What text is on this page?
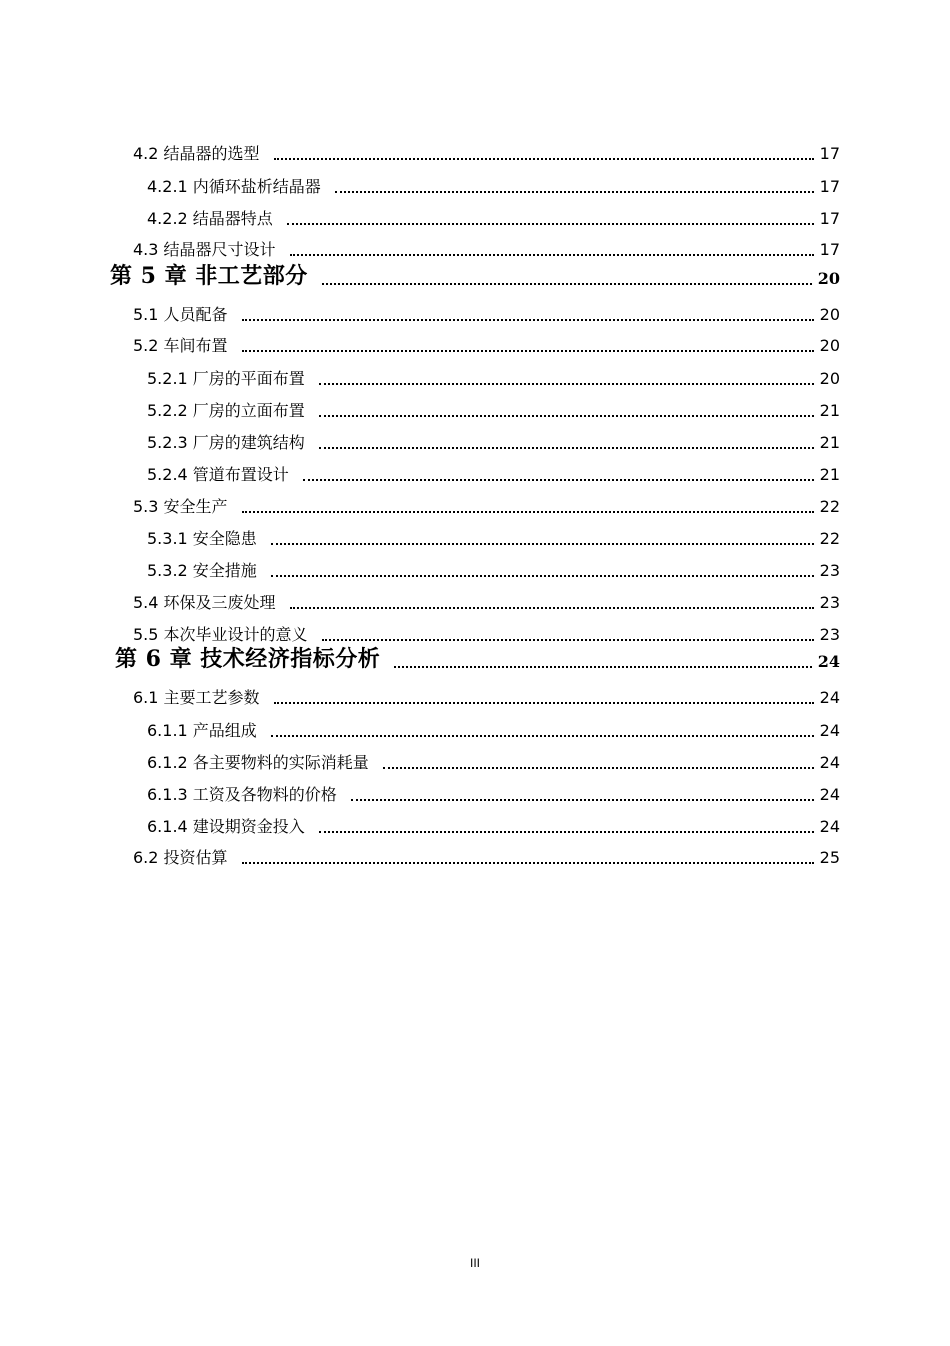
4.2 结晶器的选型	17
4.2.1 内循环盐析结晶器	17
4.2.2 结晶器特点	17
4.3 结晶器尺寸设计	17
第 5 章 非工艺部分	20
5.1 人员配备	20
5.2 车间布置	20
5.2.1 厂房的平面布置	20
5.2.2 厂房的立面布置	21
5.2.3 厂房的建筑结构	21
5.2.4 管道布置设计	21
5.3 安全生产	22
5.3.1 安全隐患	22
5.3.2 安全措施	23
5.4 环保及三废处理	23
5.5 本次毕业设计的意义	23
第 6 章 技术经济指标分析	24
6.1 主要工艺参数	24
6.1.1 产品组成	24
6.1.2 各主要物料的实际消耗量	24
6.1.3 工资及各物料的价格	24
6.1.4 建设期资金投入	24
6.2 投资估算	25
III
